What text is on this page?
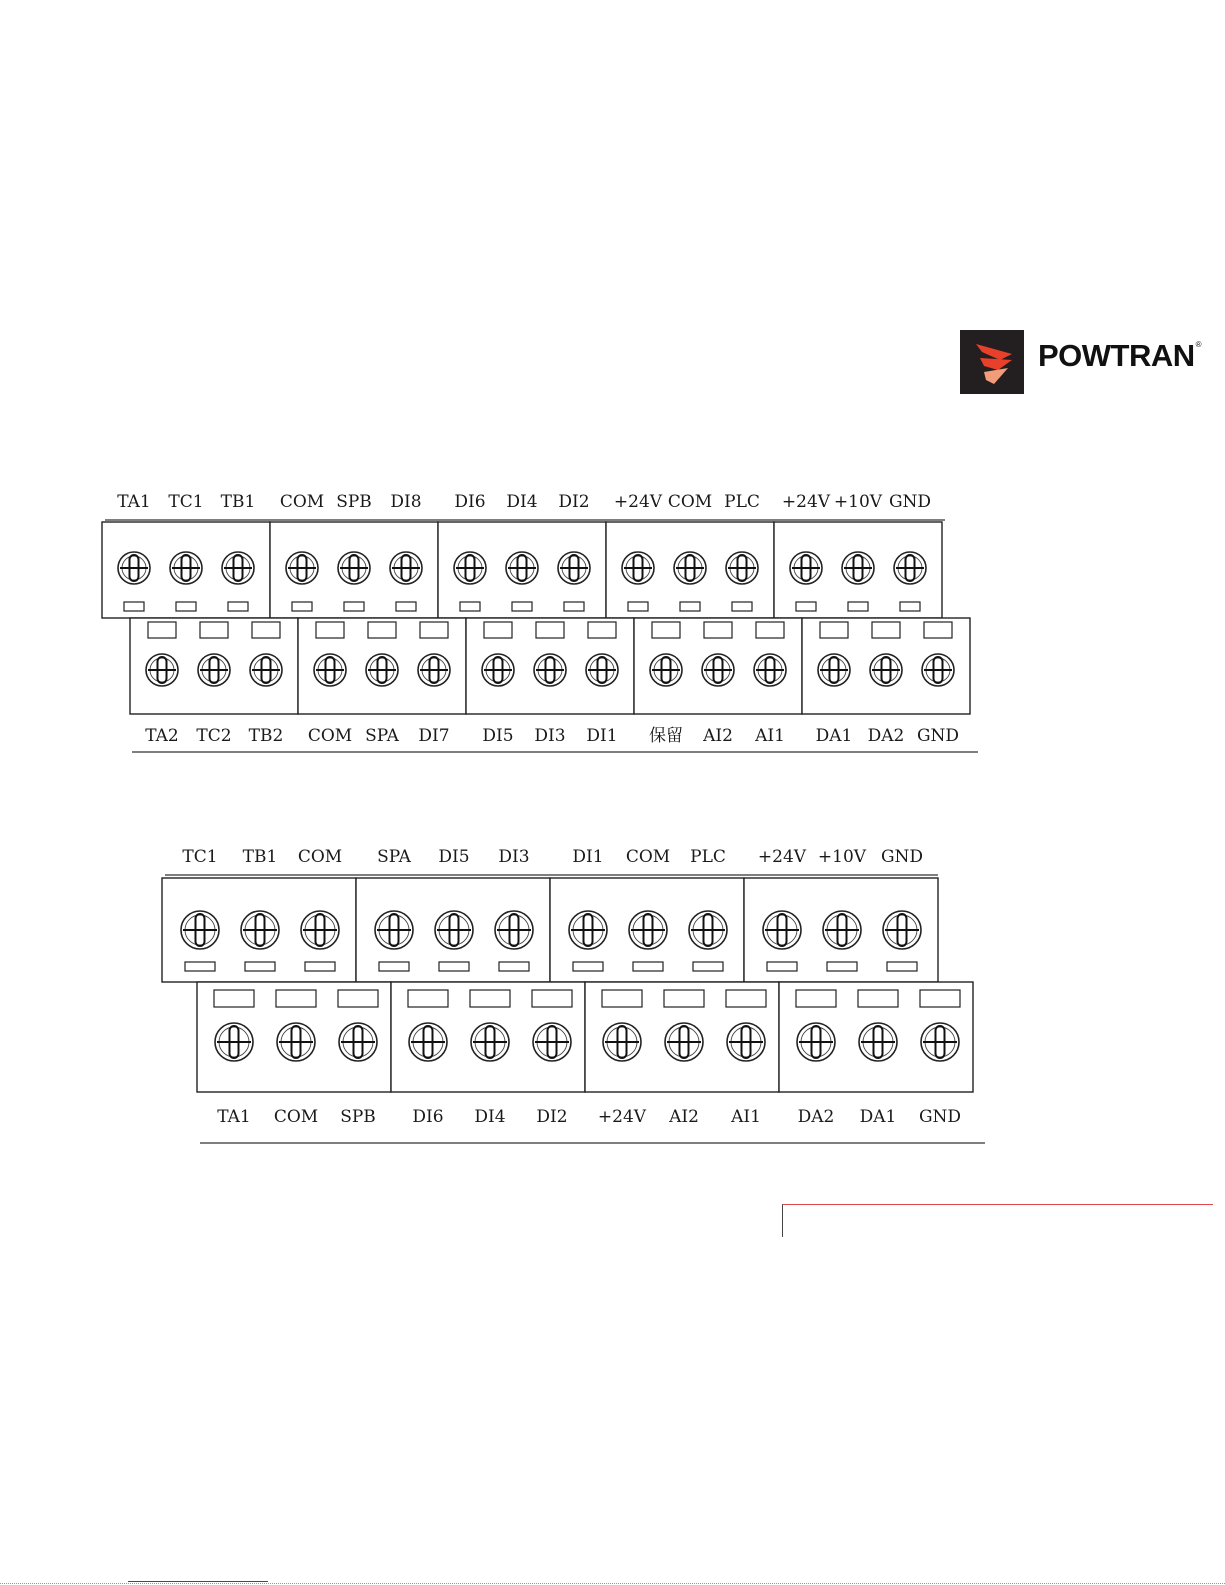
POWTRAN®
TA1 TC1 TB1 COM SPB DI8 DI6 DI4 DI2 +24V COM PLC +24V +10V GND
TA2 TC2 TB2 COM SPA DI7 DI5 DI3 DI1 保留 AI2 AI1 DA1 DA2 GND
TC1 TB1 COM SPA DI5 DI3	DI1 COM PLC +24V +10V GND
TA1 COM SPB DI6 DI4 DI2 +24V AI2 AI1 DA2 DA1 GND
